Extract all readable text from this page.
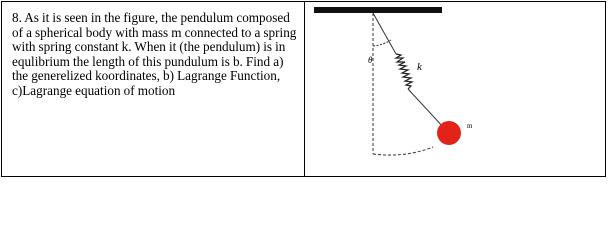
8. As it is seen in the figure, the pendulum composed of a spherical body with mass m connected to a spring with spring constant k. When it (the pendulum) is in equlibrium the length of this pundulum is b. Find a) the generelized koordinates, b) Lagrange Function, c)Lagrange equation of motion
θ
k
m
